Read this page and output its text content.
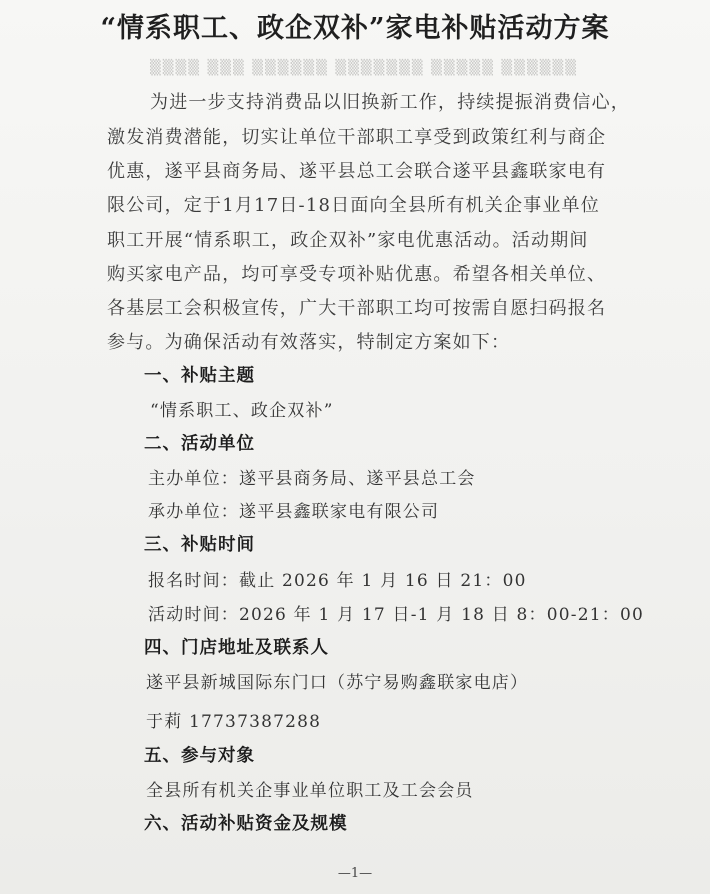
“情系职工、政企双补”家电补贴活动方案
▒▒▒▒ ▒▒▒ ▒▒▒▒▒▒ ▒▒▒▒▒▒▒ ▒▒▒▒▒ ▒▒▒▒▒▒
为进一步支持消费品以旧换新工作，持续提振消费信心，
激发消费潜能，切实让单位干部职工享受到政策红利与商企
优惠，遂平县商务局、遂平县总工会联合遂平县鑫联家电有
限公司，定于1月17日-18日面向全县所有机关企事业单位
职工开展“情系职工，政企双补”家电优惠活动。活动期间
购买家电产品，均可享受专项补贴优惠。希望各相关单位、
各基层工会积极宣传，广大干部职工均可按需自愿扫码报名
参与。为确保活动有效落实，特制定方案如下：
一、补贴主题
“情系职工、政企双补”
二、活动单位
主办单位：遂平县商务局、遂平县总工会
承办单位：遂平县鑫联家电有限公司
三、补贴时间
报名时间：截止 2026 年 1 月 16 日 21：00
活动时间：2026 年 1 月 17 日-1 月 18 日 8：00-21：00
四、门店地址及联系人
遂平县新城国际东门口（苏宁易购鑫联家电店）
于莉 17737387288
五、参与对象
全县所有机关企事业单位职工及工会会员
六、活动补贴资金及规模
—1—
